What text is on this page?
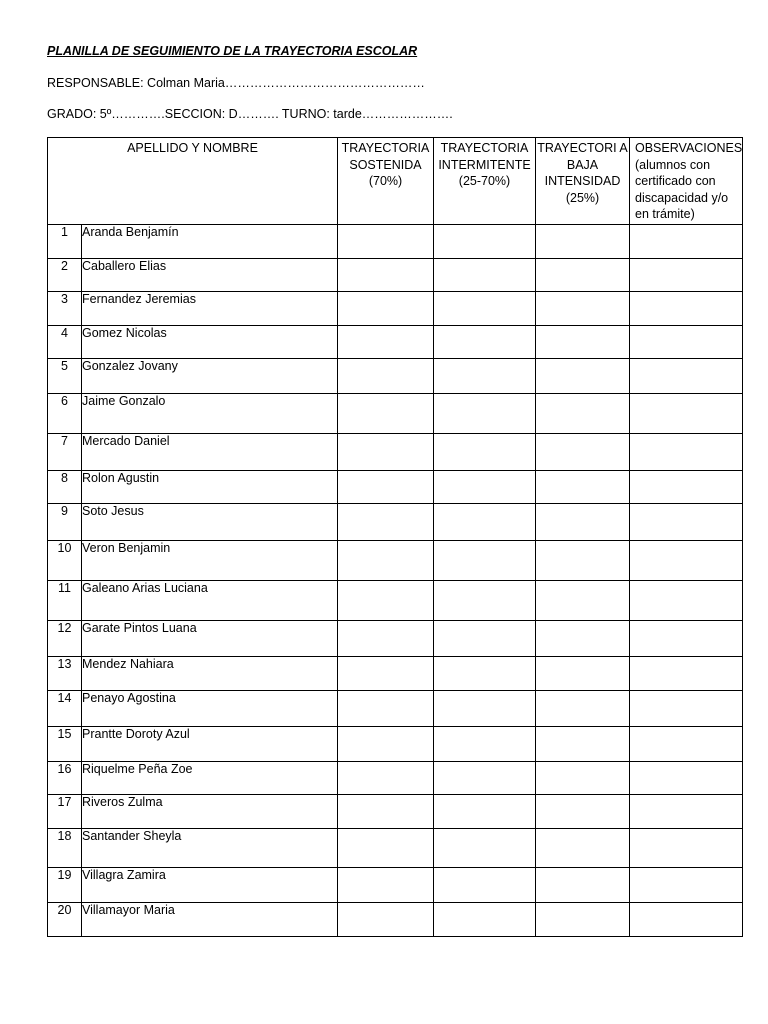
PLANILLA DE SEGUIMIENTO DE LA TRAYECTORIA ESCOLAR
RESPONSABLE: Colman Maria…………………………………………
GRADO: 5º………….SECCION: D………. TURNO: tarde………………….
APELLIDO Y NOMBRE		TRAYECTORIA SOSTENIDA (70%)	TRAYECTORIA INTERMITENTE (25-70%)	TRAYECTORI A BAJA INTENSIDAD (25%)	OBSERVACIONES (alumnos con certificado con discapacidad y/o en trámite)
1	Aranda Benjamín				
2	Caballero Elias				
3	Fernandez Jeremias				
4	Gomez Nicolas				
5	Gonzalez Jovany				
6	Jaime Gonzalo				
7	Mercado Daniel				
8	Rolon Agustin				
9	Soto Jesus				
10	Veron Benjamin				
11	Galeano Arias Luciana				
12	Garate Pintos Luana				
13	Mendez Nahiara				
14	Penayo Agostina				
15	Prantte Doroty Azul				
16	Riquelme Peña Zoe				
17	Riveros Zulma				
18	Santander Sheyla				
19	Villagra Zamira				
20	Villamayor Maria				
